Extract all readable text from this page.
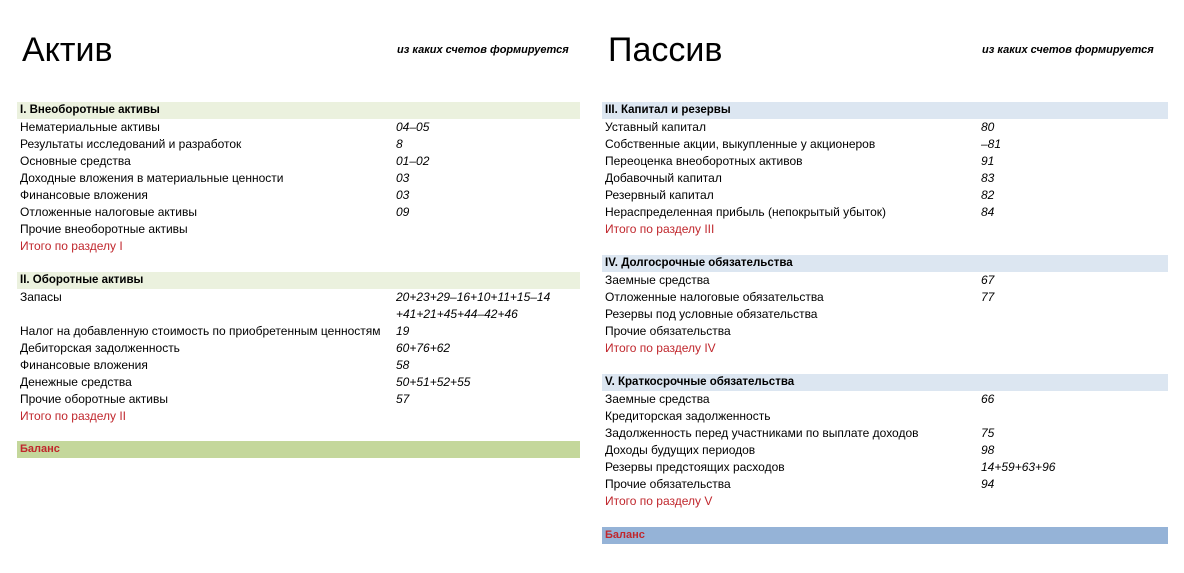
Актив	из каких счетов формируется
I. Внеоборотные активы
Нематериальные активы	04–05
Результаты исследований и разработок	8
Основные средства	01–02
Доходные вложения в материальные ценности	03
Финансовые вложения	03
Отложенные налоговые активы	09
Прочие внеоборотные активы
Итого по разделу I
II. Оборотные активы
Запасы	20+23+29–16+10+11+15–14
+41+21+45+44–42+46
Налог на добавленную стоимость по приобретенным ценностям 19
Дебиторская задолженность	60+76+62
Финансовые вложения	58
Денежные средства	50+51+52+55
Прочие оборотные активы	57
Итого по разделу II
Баланс
Пассив	из каких счетов формируется
III. Капитал и резервы
Уставный капитал	80
Собственные акции, выкупленные у акционеров	–81
Переоценка внеоборотных активов	91
Добавочный капитал	83
Резервный капитал	82
Нераспределенная прибыль (непокрытый убыток)	84
Итого по разделу III
IV. Долгосрочные обязательства
Заемные средства	67
Отложенные налоговые обязательства	77
Резервы под условные обязательства
Прочие обязательства
Итого по разделу IV
V. Краткосрочные обязательства
Заемные средства	66
Кредиторская задолженность
Задолженность перед участниками по выплате доходов	75
Доходы будущих периодов	98
Резервы предстоящих расходов	14+59+63+96
Прочие обязательства	94
Итого по разделу V
Баланс
